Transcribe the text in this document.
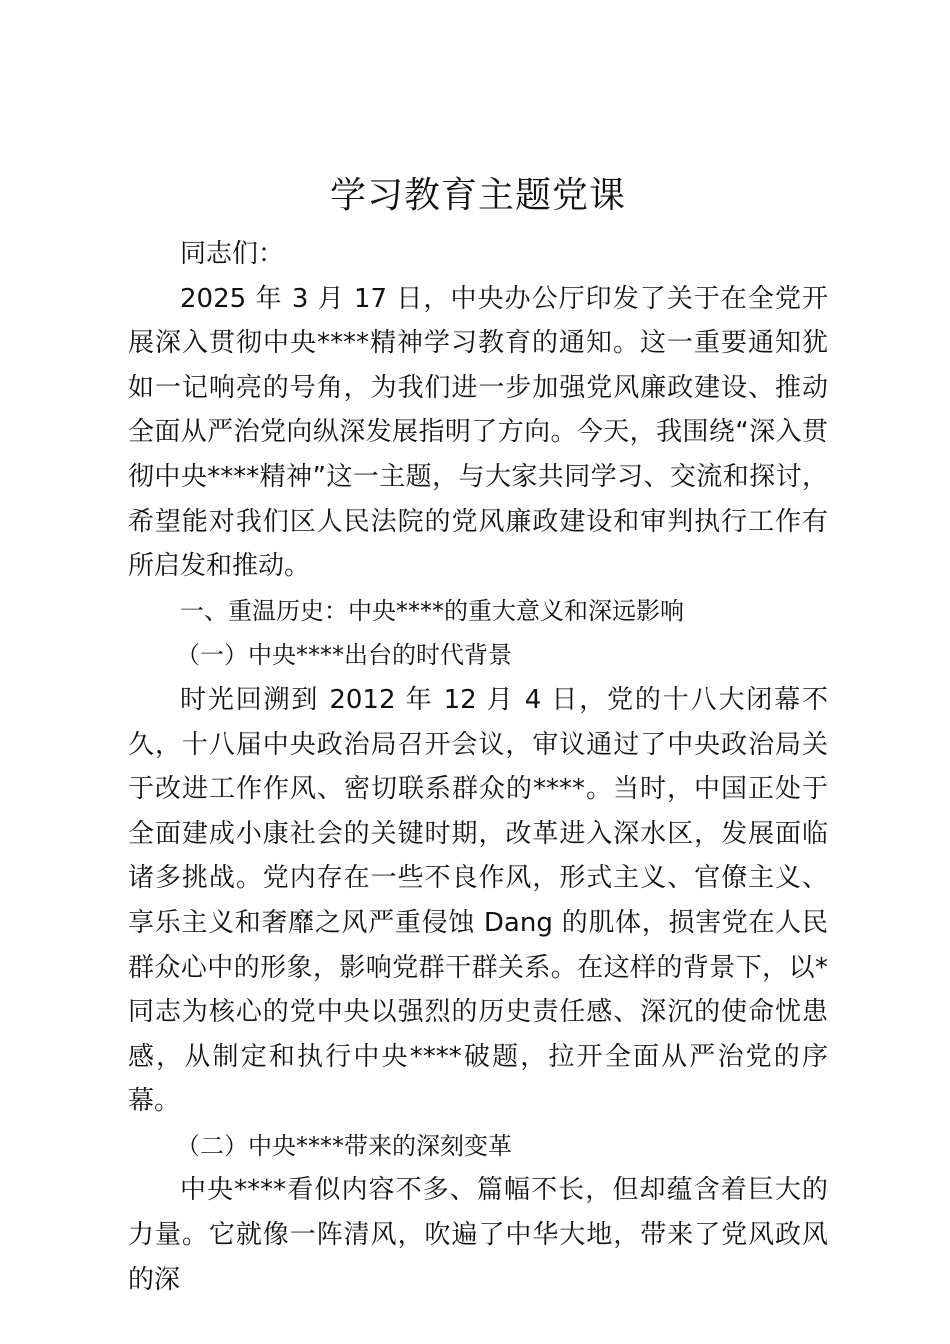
学习教育主题党课

同志们：

2025 年 3 月 17 日，中央办公厅印发了关于在全党开展深入贯彻中央****精神学习教育的通知。这一重要通知犹如一记响亮的号角，为我们进一步加强党风廉政建设、推动全面从严治党向纵深发展指明了方向。今天，我围绕“深入贯彻中央****精神”这一主题，与大家共同学习、交流和探讨，希望能对我们区人民法院的党风廉政建设和审判执行工作有所启发和推动。

一、重温历史：中央****的重大意义和深远影响

（一）中央****出台的时代背景

时光回溯到 2012 年 12 月 4 日，党的十八大闭幕不久，十八届中央政治局召开会议，审议通过了中央政治局关于改进工作作风、密切联系群众的****。当时，中国正处于全面建成小康社会的关键时期，改革进入深水区，发展面临诸多挑战。党内存在一些不良作风，形式主义、官僚主义、享乐主义和奢靡之风严重侵蚀 Dang 的肌体，损害党在人民群众心中的形象，影响党群干群关系。在这样的背景下，以*同志为核心的党中央以强烈的历史责任感、深沉的使命忧患感，从制定和执行中央****破题，拉开全面从严治党的序幕。

（二）中央****带来的深刻变革

中央****看似内容不多、篇幅不长，但却蕴含着巨大的力量。它就像一阵清风，吹遍了中华大地，带来了党风政风的深
